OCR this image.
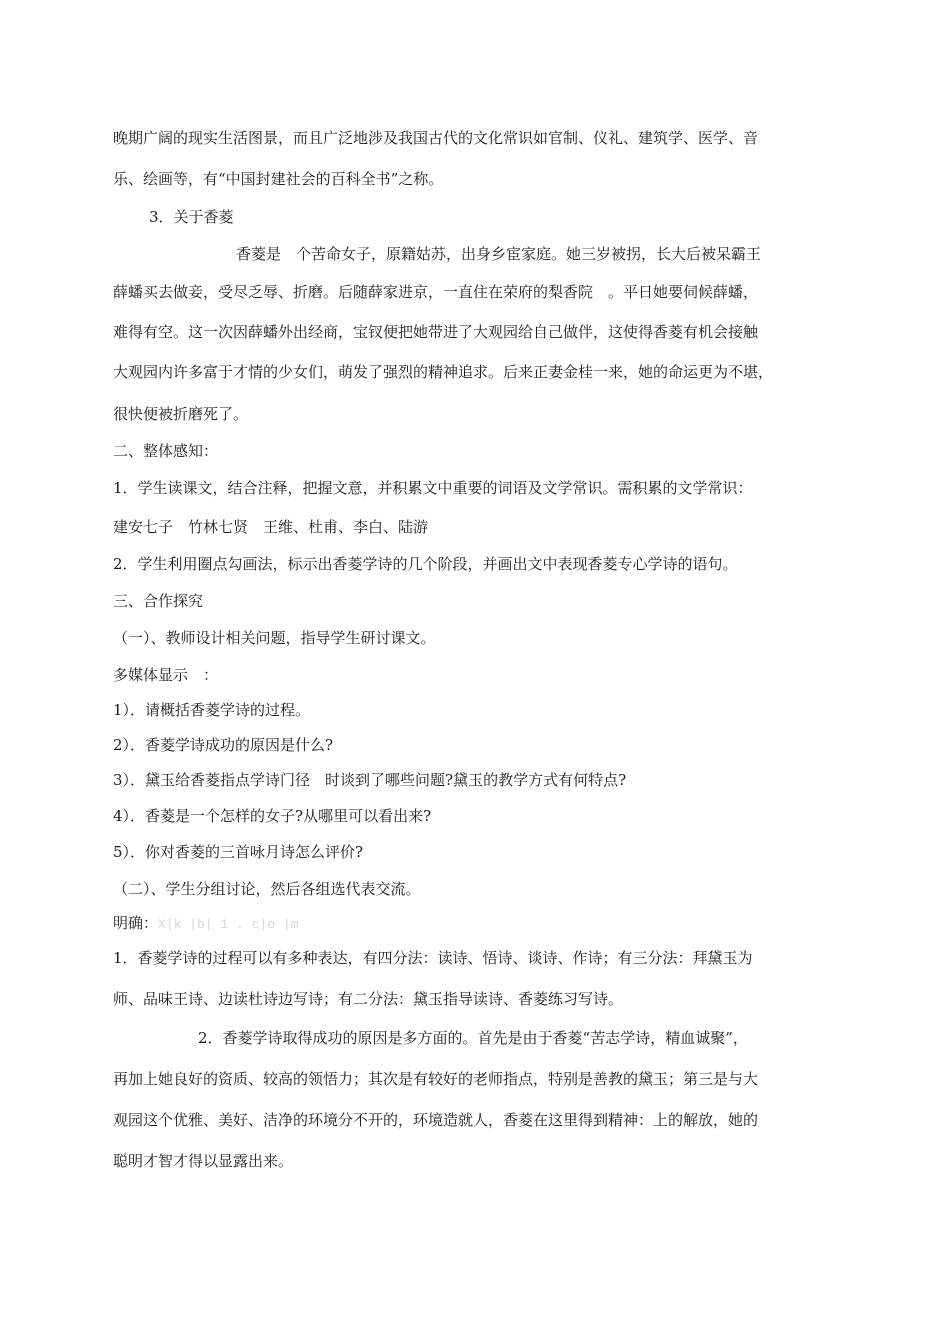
晚期广阔的现实生活图景，而且广泛地涉及我国古代的文化常识如官制、仪礼、建筑学、医学、音
乐、绘画等，有“中国封建社会的百科全书”之称。
3．关于香菱
香菱是　个苦命女子，原籍姑苏，出身乡宦家庭。她三岁被拐，长大后被呆霸王
薛蟠买去做妾，受尽乏辱、折磨。后随薛家进京，一直住在荣府的梨香院　。平日她要伺候薛蟠，
难得有空。这一次因薛蟠外出经商，宝钗便把她带进了大观园给自己做伴，这使得香菱有机会接触
大观园内许多富于才情的少女们，萌发了强烈的精神追求。后来正妻金桂一来，她的命运更为不堪，
很快便被折磨死了。
二、整体感知：
1．学生读课文，结合注释，把握文意，并积累文中重要的词语及文学常识。需积累的文学常识：
建安七子　竹林七贤　王维、杜甫、李白、陆游
2．学生利用圈点勾画法，标示出香菱学诗的几个阶段，并画出文中表现香菱专心学诗的语句。
三、合作探究
（一）、教师设计相关问题，指导学生研讨课文。
多媒体显示　：
1）．请概括香菱学诗的过程。
2）．香菱学诗成功的原因是什么?
3）．黛玉给香菱指点学诗门径　时谈到了哪些问题?黛玉的教学方式有何特点?
4）．香菱是一个怎样的女子?从哪里可以看出来?
5）．你对香菱的三首咏月诗怎么评价?
（二）、学生分组讨论，然后各组选代表交流。
明确：X|k |b| 1 . c|o |m
1．香菱学诗的过程可以有多种表达，有四分法：读诗、悟诗、谈诗、作诗；有三分法：拜黛玉为
师、品味王诗、边读杜诗边写诗；有二分法：黛玉指导读诗、香菱练习写诗。
2．香菱学诗取得成功的原因是多方面的。首先是由于香菱“苦志学诗，精血诚聚”，
再加上她良好的资质、较高的领悟力；其次是有较好的老师指点，特别是善教的黛玉；第三是与大
观园这个优雅、美好、洁净的环境分不开的，环境造就人，香菱在这里得到精神：上的解放，她的
聪明才智才得以显露出来。
